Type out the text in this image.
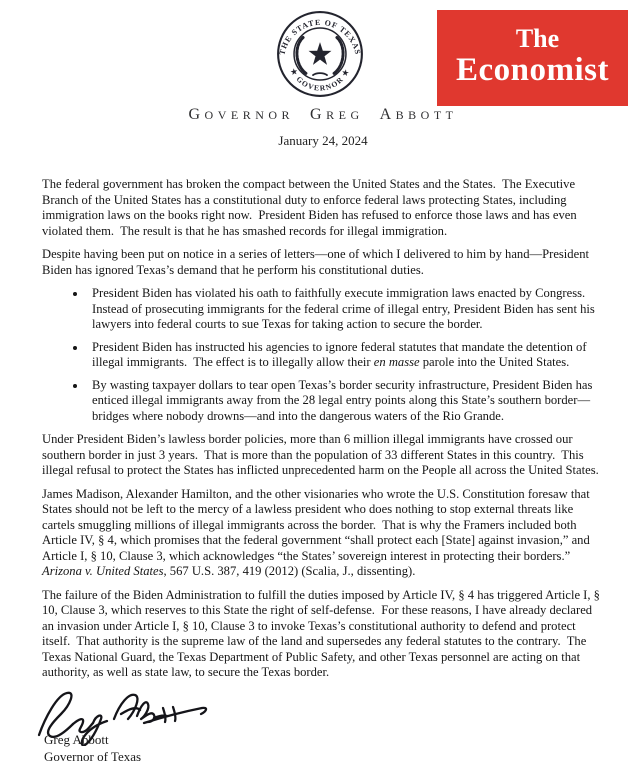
THE STATE OF TEXAS
★ GOVERNOR ★
The
Economist
GOVERNOR GREG ABBOTT
January 24, 2024

The federal government has broken the compact between the United States and the States.  The Executive Branch of the United States has a constitutional duty to enforce federal laws protecting States, including immigration laws on the books right now.  President Biden has refused to enforce those laws and has even violated them.  The result is that he has smashed records for illegal immigration.

Despite having been put on notice in a series of letters—one of which I delivered to him by hand—President Biden has ignored Texas’s demand that he perform his constitutional duties.

• President Biden has violated his oath to faithfully execute immigration laws enacted by Congress.  Instead of prosecuting immigrants for the federal crime of illegal entry, President Biden has sent his lawyers into federal courts to sue Texas for taking action to secure the border.
• President Biden has instructed his agencies to ignore federal statutes that mandate the detention of illegal immigrants.  The effect is to illegally allow their en masse parole into the United States.
• By wasting taxpayer dollars to tear open Texas’s border security infrastructure, President Biden has enticed illegal immigrants away from the 28 legal entry points along this State’s southern border—bridges where nobody drowns—and into the dangerous waters of the Rio Grande.

Under President Biden’s lawless border policies, more than 6 million illegal immigrants have crossed our southern border in just 3 years.  That is more than the population of 33 different States in this country.  This illegal refusal to protect the States has inflicted unprecedented harm on the People all across the United States.

James Madison, Alexander Hamilton, and the other visionaries who wrote the U.S. Constitution foresaw that States should not be left to the mercy of a lawless president who does nothing to stop external threats like cartels smuggling millions of illegal immigrants across the border.  That is why the Framers included both Article IV, § 4, which promises that the federal government “shall protect each [State] against invasion,” and Article I, § 10, Clause 3, which acknowledges “the States’ sovereign interest in protecting their borders.”  Arizona v. United States, 567 U.S. 387, 419 (2012) (Scalia, J., dissenting).

The failure of the Biden Administration to fulfill the duties imposed by Article IV, § 4 has triggered Article I, § 10, Clause 3, which reserves to this State the right of self-defense.  For these reasons, I have already declared an invasion under Article I, § 10, Clause 3 to invoke Texas’s constitutional authority to defend and protect itself.  That authority is the supreme law of the land and supersedes any federal statutes to the contrary.  The Texas National Guard, the Texas Department of Public Safety, and other Texas personnel are acting on that authority, as well as state law, to secure the Texas border.

Greg Abbott
Governor of Texas
